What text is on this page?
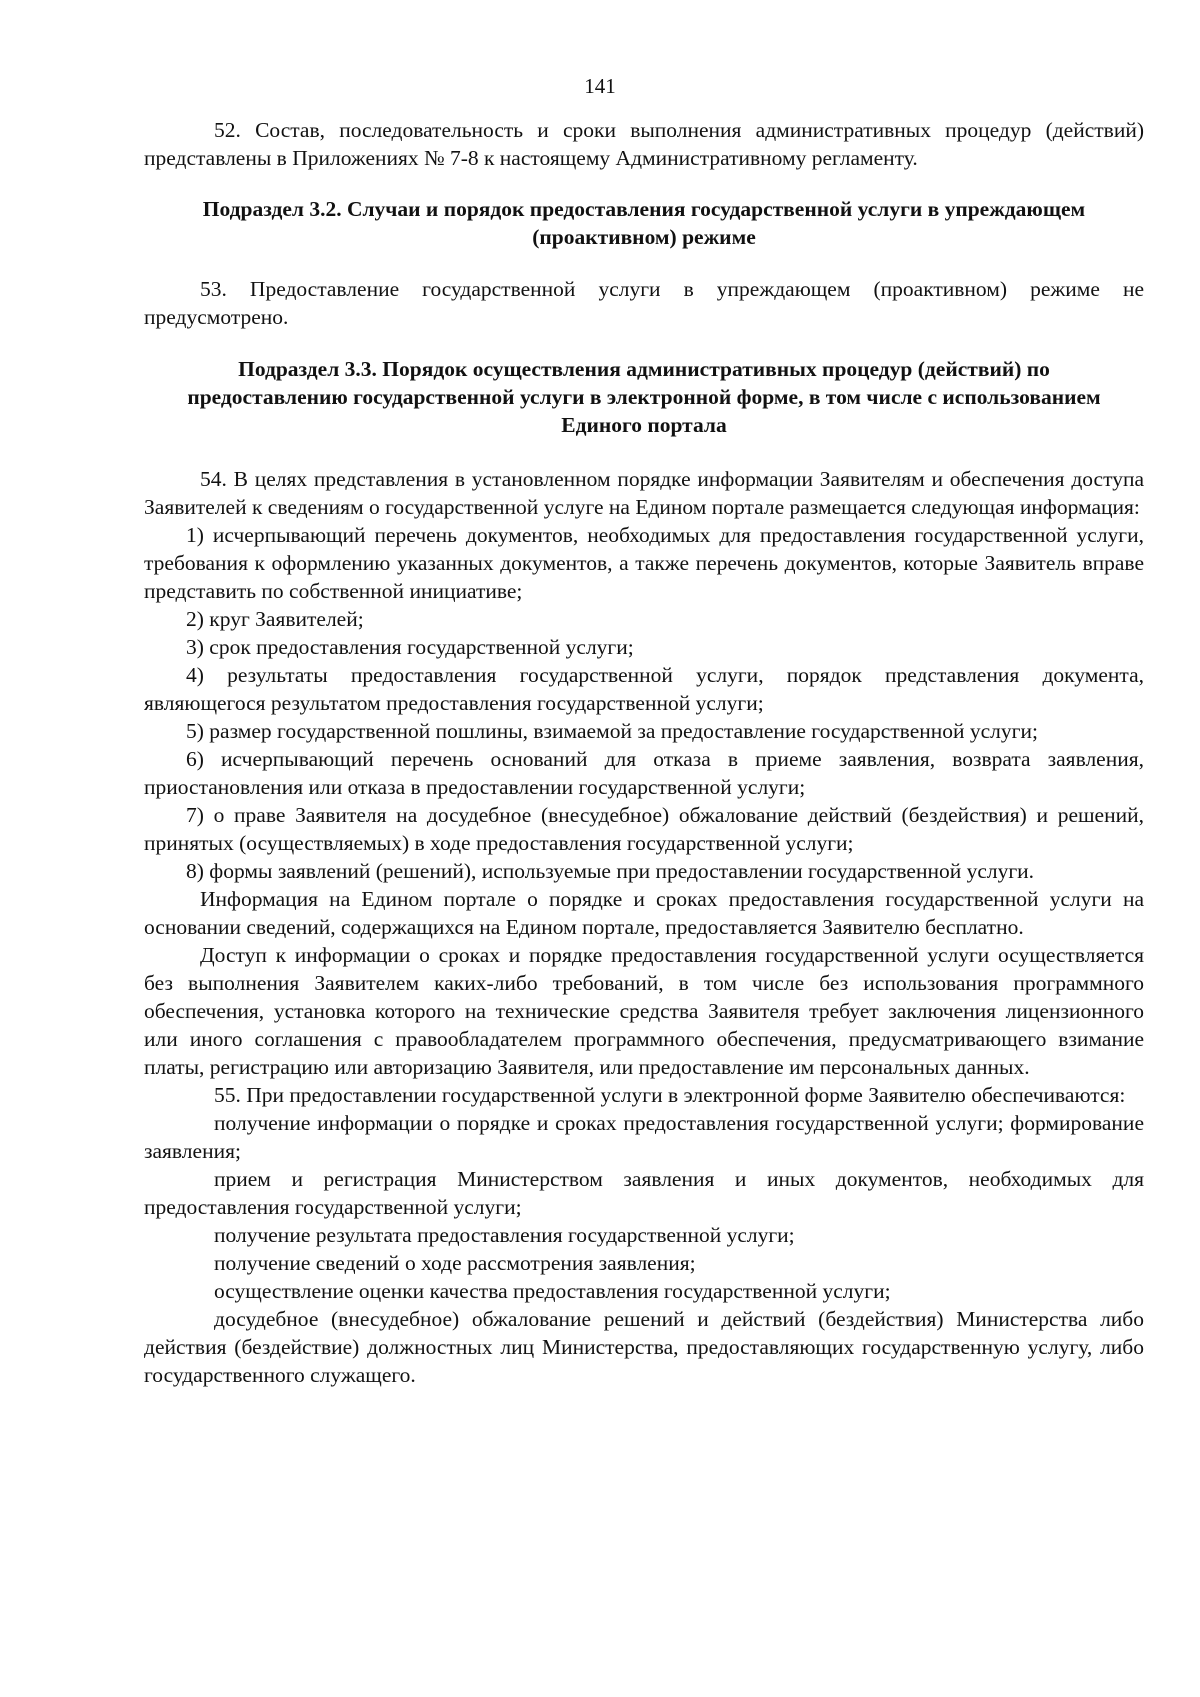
141

52. Состав, последовательность и сроки выполнения административных процедур (действий) представлены в Приложениях № 7-8 к настоящему Административному регламенту.

Подраздел 3.2. Случаи и порядок предоставления государственной услуги в упреждающем (проактивном) режиме

53. Предоставление государственной услуги в упреждающем (проактивном) режиме не предусмотрено.

Подраздел 3.3. Порядок осуществления административных процедур (действий) по предоставлению государственной услуги в электронной форме, в том числе с использованием Единого портала

54. В целях представления в установленном порядке информации Заявителям и обеспечения доступа Заявителей к сведениям о государственной услуге на Едином портале размещается следующая информация:

1) исчерпывающий перечень документов, необходимых для предоставления государственной услуги, требования к оформлению указанных документов, а также перечень документов, которые Заявитель вправе представить по собственной инициативе;

2) круг Заявителей;

3) срок предоставления государственной услуги;

4) результаты предоставления государственной услуги, порядок представления документа, являющегося результатом предоставления государственной услуги;

5) размер государственной пошлины, взимаемой за предоставление государственной услуги;

6) исчерпывающий перечень оснований для отказа в приеме заявления, возврата заявления, приостановления или отказа в предоставлении государственной услуги;

7) о праве Заявителя на досудебное (внесудебное) обжалование действий (бездействия) и решений, принятых (осуществляемых) в ходе предоставления государственной услуги;

8) формы заявлений (решений), используемые при предоставлении государственной услуги.

Информация на Едином портале о порядке и сроках предоставления государственной услуги на основании сведений, содержащихся на Едином портале, предоставляется Заявителю бесплатно.

Доступ к информации о сроках и порядке предоставления государственной услуги осуществляется без выполнения Заявителем каких-либо требований, в том числе без использования программного обеспечения, установка которого на технические средства Заявителя требует заключения лицензионного или иного соглашения с правообладателем программного обеспечения, предусматривающего взимание платы, регистрацию или авторизацию Заявителя, или предоставление им персональных данных.

55. При предоставлении государственной услуги в электронной форме Заявителю обеспечиваются:

получение информации о порядке и сроках предоставления государственной услуги; формирование заявления;

прием и регистрация Министерством заявления и иных документов, необходимых для предоставления государственной услуги;

получение результата предоставления государственной услуги;

получение сведений о ходе рассмотрения заявления;

осуществление оценки качества предоставления государственной услуги;

досудебное (внесудебное) обжалование решений и действий (бездействия) Министерства либо действия (бездействие) должностных лиц Министерства, предоставляющих государственную услугу, либо государственного служащего.
